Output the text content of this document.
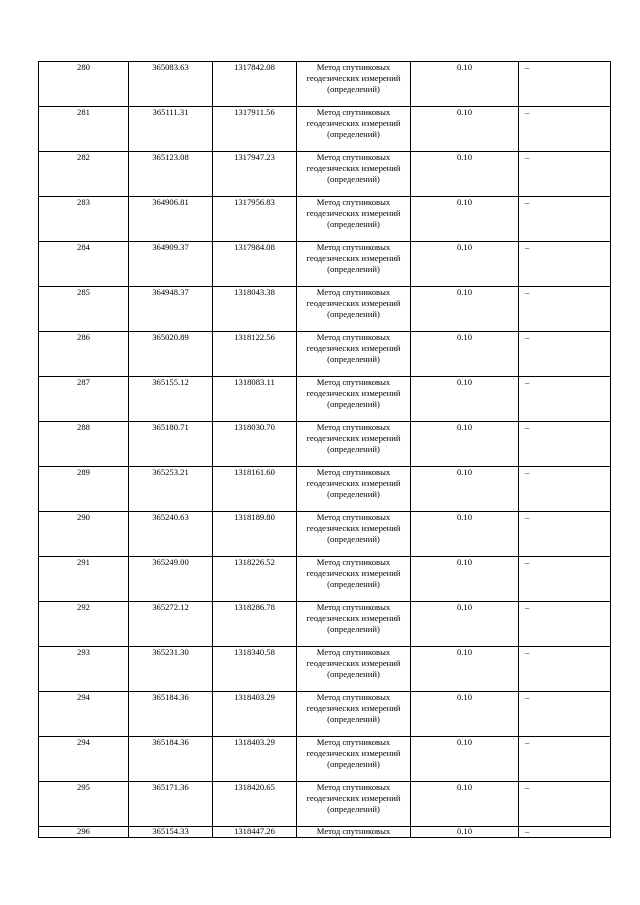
280	365083.63	1317842.08	Метод спутниковых геодезических измерений (определений)	0.10	–
281	365111.31	1317911.56	Метод спутниковых геодезических измерений (определений)	0.10	–
282	365123.08	1317947.23	Метод спутниковых геодезических измерений (определений)	0.10	–
283	364906.81	1317956.83	Метод спутниковых геодезических измерений (определений)	0.10	–
284	364909.37	1317984.08	Метод спутниковых геодезических измерений (определений)	0.10	–
285	364948.37	1318043.38	Метод спутниковых геодезических измерений (определений)	0.10	–
286	365020.89	1318122.56	Метод спутниковых геодезических измерений (определений)	0.10	–
287	365155.12	1318083.11	Метод спутниковых геодезических измерений (определений)	0.10	–
288	365180.71	1318030.70	Метод спутниковых геодезических измерений (определений)	0.10	–
289	365253.21	1318161.60	Метод спутниковых геодезических измерений (определений)	0.10	–
290	365240.63	1318189.80	Метод спутниковых геодезических измерений (определений)	0.10	–
291	365249.00	1318226.52	Метод спутниковых геодезических измерений (определений)	0.10	–
292	365272.12	1318286.78	Метод спутниковых геодезических измерений (определений)	0.10	–
293	365231.30	1318340.58	Метод спутниковых геодезических измерений (определений)	0.10	–
294	365184.36	1318403.29	Метод спутниковых геодезических измерений (определений)	0.10	–
294	365184.36	1318403.29	Метод спутниковых геодезических измерений (определений)	0.10	–
295	365171.36	1318420.65	Метод спутниковых геодезических измерений (определений)	0.10	–
296	365154.33	1318447.26	Метод спутниковых	0.10	–
